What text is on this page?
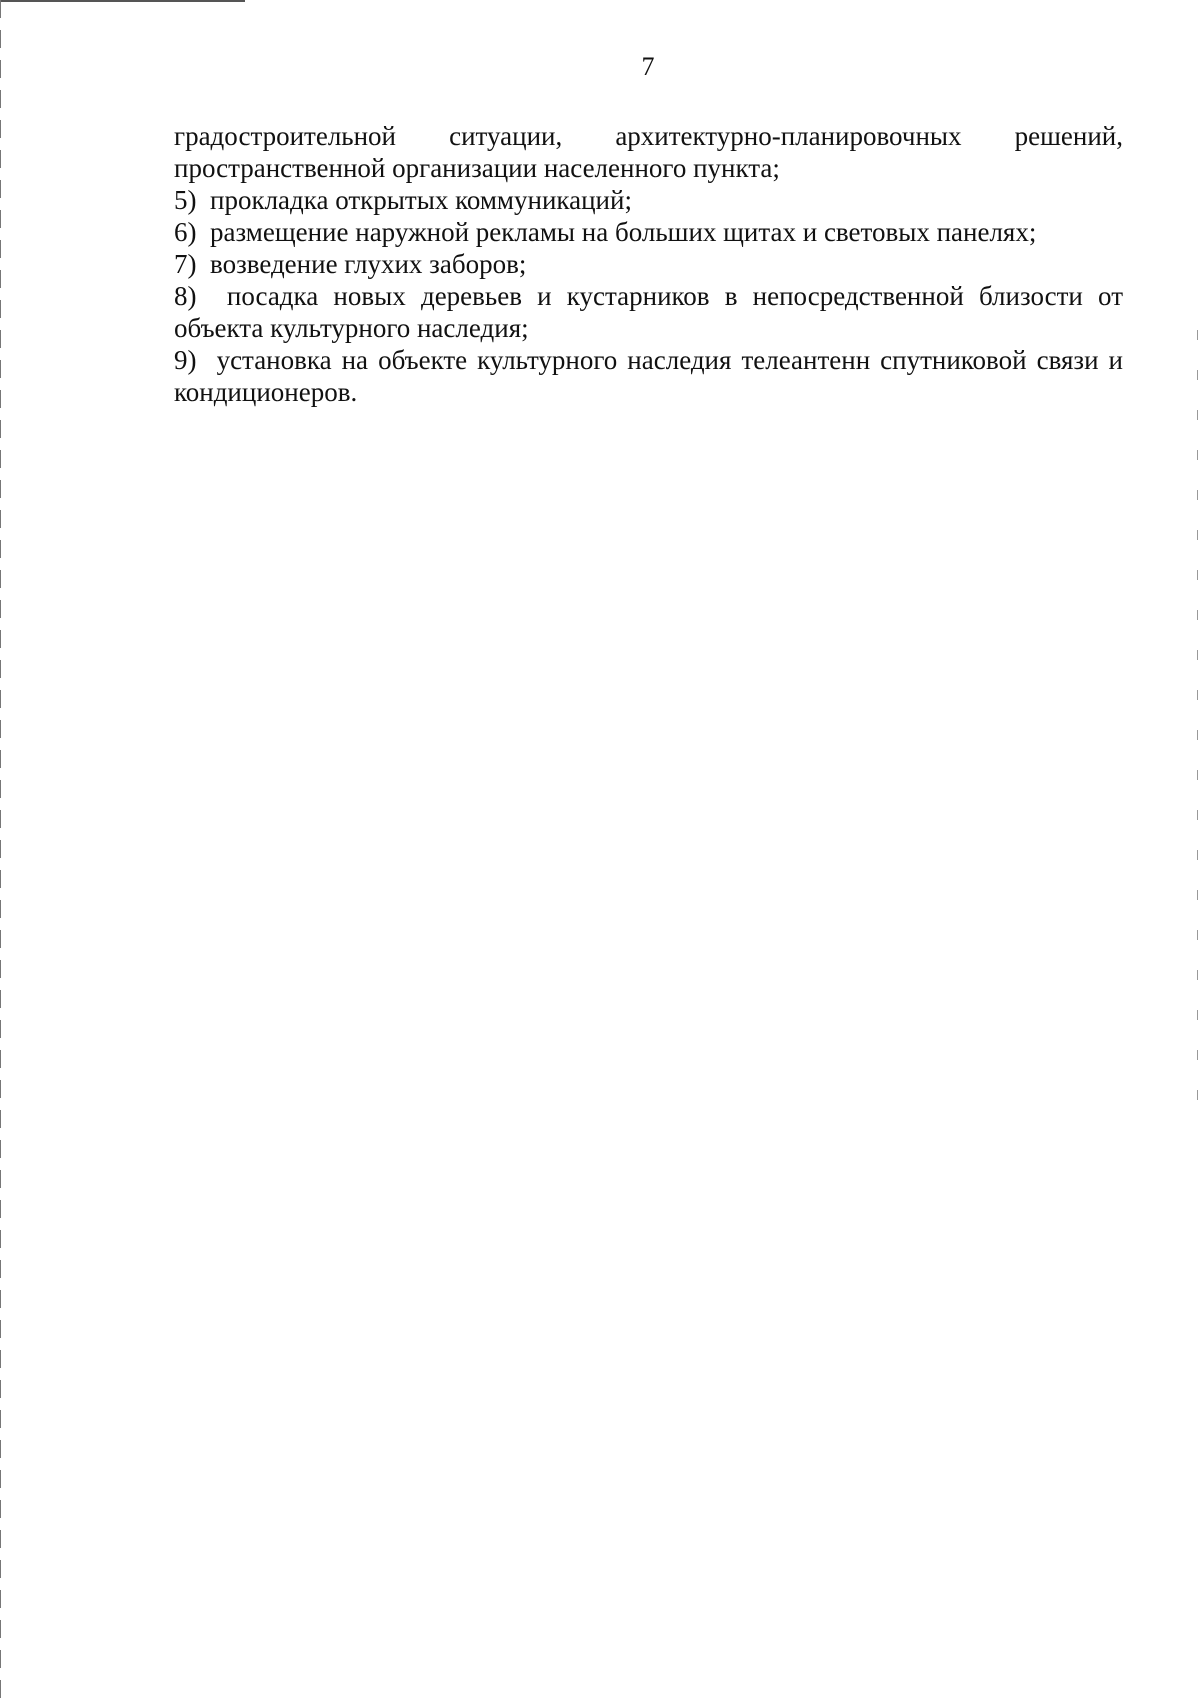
7
градостроительной ситуации, архитектурно-планировочных решений,

пространственной организации населенного пункта;

5) прокладка открытых коммуникаций;

6) размещение наружной рекламы на больших щитах и световых панелях;

7) возведение глухих заборов;

8) посадка новых деревьев и кустарников в непосредственной близости от объекта культурного наследия;

9) установка на объекте культурного наследия телеантенн спутниковой связи и кондиционеров.
